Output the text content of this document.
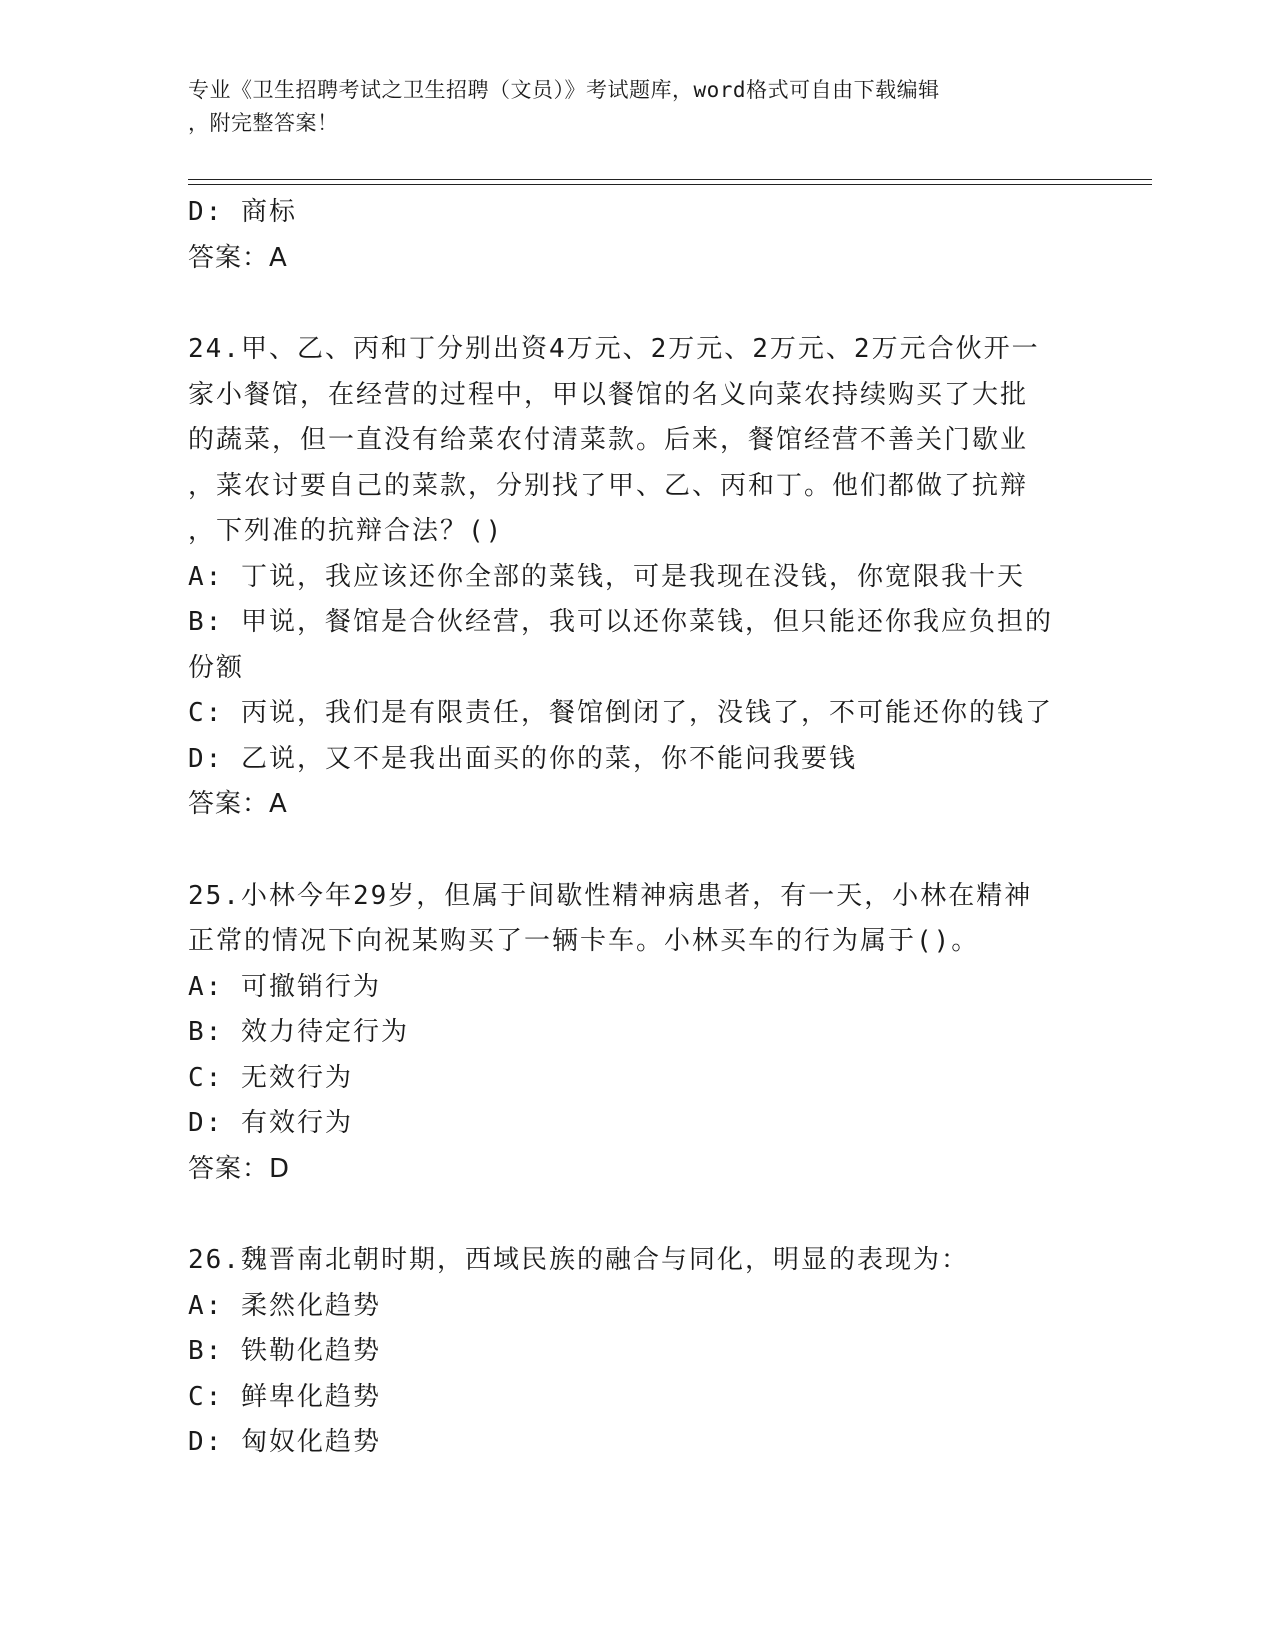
专业《卫生招聘考试之卫生招聘（文员）》考试题库，word格式可自由下载编辑
，附完整答案！
D: 商标
答案：A
24.甲、乙、丙和丁分别出资4万元、2万元、2万元、2万元合伙开一
家小餐馆，在经营的过程中，甲以餐馆的名义向菜农持续购买了大批
的蔬菜，但一直没有给菜农付清菜款。后来，餐馆经营不善关门歇业
，菜农讨要自己的菜款，分别找了甲、乙、丙和丁。他们都做了抗辩
，下列准的抗辩合法？()
A: 丁说，我应该还你全部的菜钱，可是我现在没钱，你宽限我十天
B: 甲说，餐馆是合伙经营，我可以还你菜钱，但只能还你我应负担的
份额
C: 丙说，我们是有限责任，餐馆倒闭了，没钱了，不可能还你的钱了
D: 乙说，又不是我出面买的你的菜，你不能问我要钱
答案：A
25.小林今年29岁，但属于间歇性精神病患者，有一天，小林在精神
正常的情况下向祝某购买了一辆卡车。小林买车的行为属于()。
A: 可撤销行为
B: 效力待定行为
C: 无效行为
D: 有效行为
答案：D
26.魏晋南北朝时期，西域民族的融合与同化，明显的表现为：
A: 柔然化趋势
B: 铁勒化趋势
C: 鲜卑化趋势
D: 匈奴化趋势
